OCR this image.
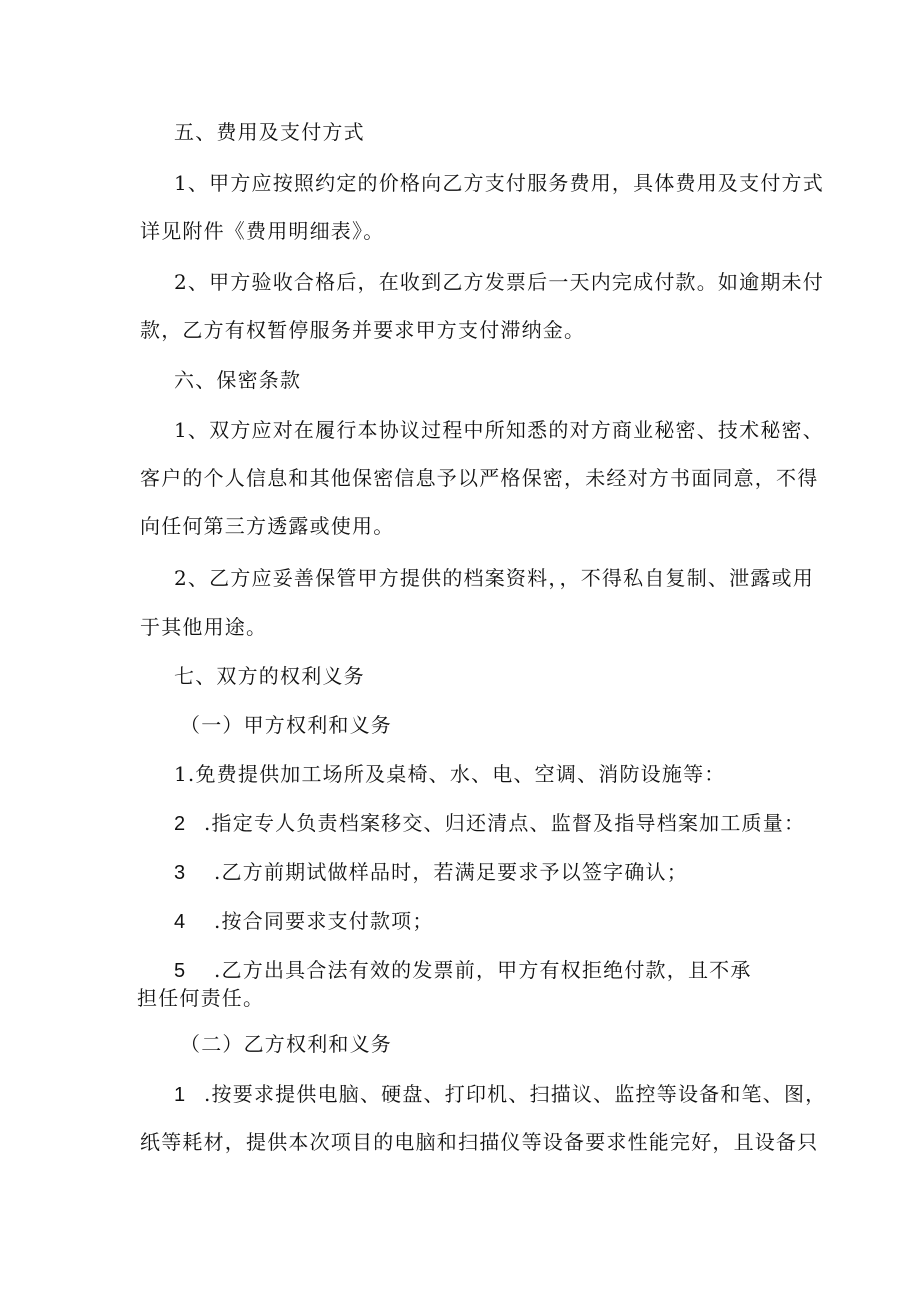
五、费用及支付方式
1、甲方应按照约定的价格向乙方支付服务费用，具体费用及支付方式
详见附件《费用明细表》。
2、甲方验收合格后，在收到乙方发票后一天内完成付款。如逾期未付
款，乙方有权暂停服务并要求甲方支付滞纳金。
六、保密条款
1、双方应对在履行本协议过程中所知悉的对方商业秘密、技术秘密、
客户的个人信息和其他保密信息予以严格保密，未经对方书面同意，不得
向任何第三方透露或使用。
2、乙方应妥善保管甲方提供的档案资料，，不得私自复制、泄露或用
于其他用途。
七、双方的权利义务
（一）甲方权利和义务
1.免费提供加工场所及桌椅、水、电、空调、消防设施等：
2 .指定专人负责档案移交、归还清点、监督及指导档案加工质量：
3 .乙方前期试做样品时，若满足要求予以签字确认；
4 .按合同要求支付款项；
5 .乙方出具合法有效的发票前，甲方有权拒绝付款，且不承
担任何责任。
（二）乙方权利和义务
1 .按要求提供电脑、硬盘、打印机、扫描议、监控等设备和笔、图，
纸等耗材，提供本次项目的电脑和扫描仪等设备要求性能完好，且设备只
